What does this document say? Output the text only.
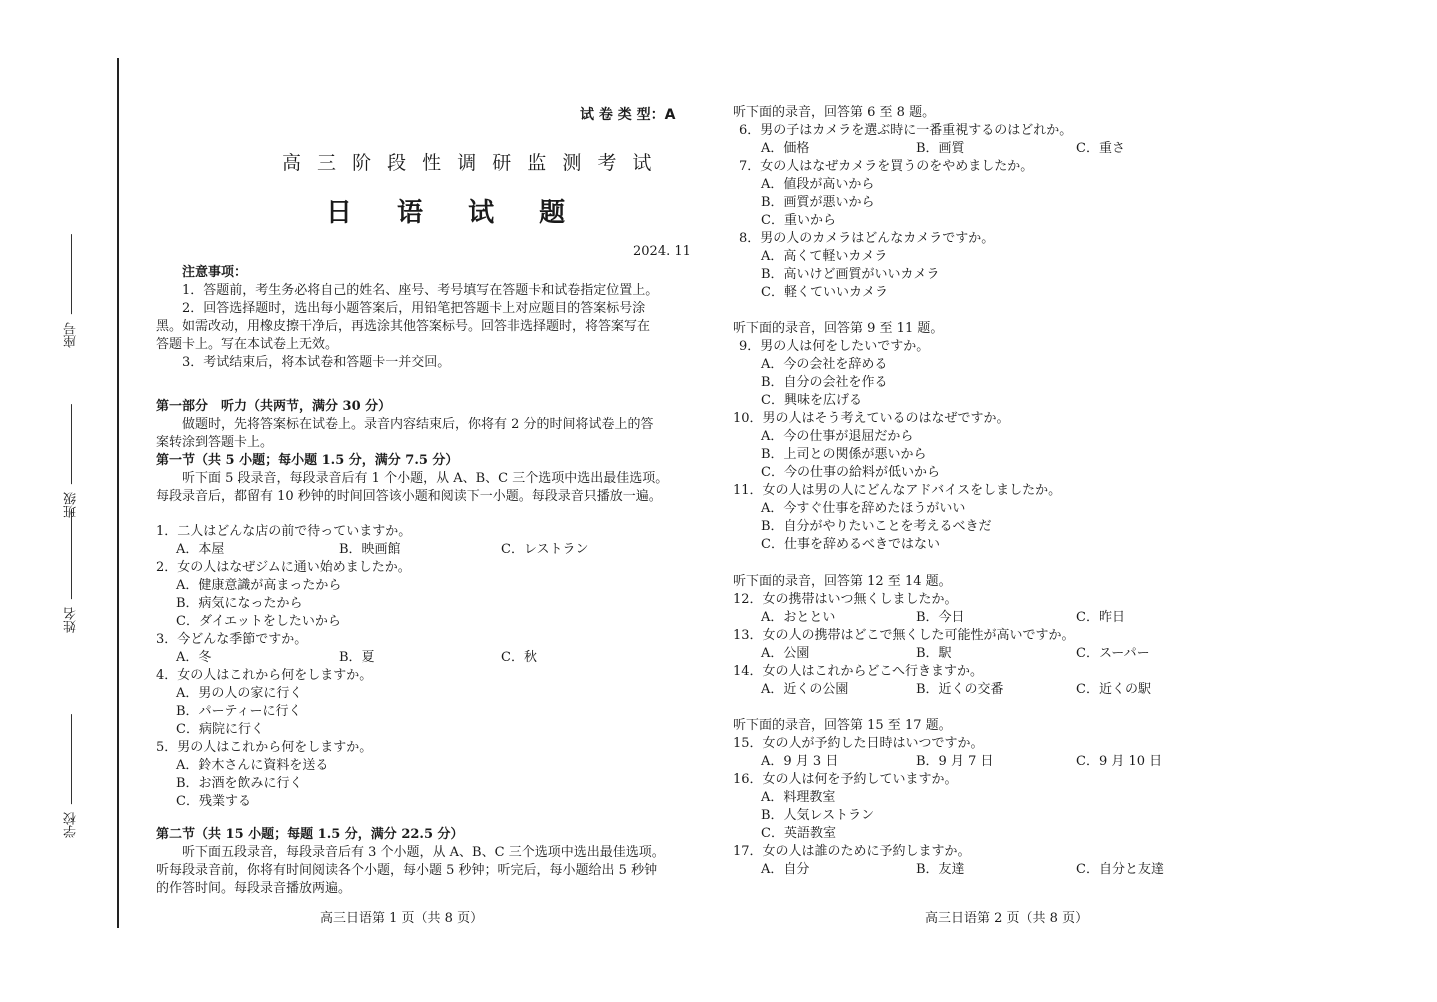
学校
姓名
班级
座号
试 卷 类 型：A
高 三 阶 段 性 调 研 监 测 考 试
日 语 试 题
2024. 11
注意事项：
1．答题前，考生务必将自己的姓名、座号、考号填写在答题卡和试卷指定位置上。
2．回答选择题时，选出每小题答案后，用铅笔把答题卡上对应题目的答案标号涂
黑。如需改动，用橡皮擦干净后，再选涂其他答案标号。回答非选择题时，将答案写在
答题卡上。写在本试卷上无效。
3．考试结束后，将本试卷和答题卡一并交回。
第一部分　听力（共两节，满分 30 分）
做题时，先将答案标在试卷上。录音内容结束后，你将有 2 分的时间将试卷上的答
案转涂到答题卡上。
第一节（共 5 小题；每小题 1.5 分，满分 7.5 分）
听下面 5 段录音，每段录音后有 1 个小题，从 A、B、C 三个选项中选出最佳选项。
每段录音后，都留有 10 秒钟的时间回答该小题和阅读下一小题。每段录音只播放一遍。
1．二人はどんな店の前で待っていますか。
A．本屋	B．映画館	C．レストラン
2．女の人はなぜジムに通い始めましたか。
A．健康意識が高まったから
B．病気になったから
C．ダイエットをしたいから
3．今どんな季節ですか。
A．冬	B．夏	C．秋
4．女の人はこれから何をしますか。
A．男の人の家に行く
B．パーティーに行く
C．病院に行く
5．男の人はこれから何をしますか。
A．鈴木さんに資料を送る
B．お酒を飲みに行く
C．残業する
第二节（共 15 小题；每题 1.5 分，满分 22.5 分）
听下面五段录音，每段录音后有 3 个小题，从 A、B、C 三个选项中选出最佳选项。
听每段录音前，你将有时间阅读各个小题，每小题 5 秒钟；听完后，每小题给出 5 秒钟
的作答时间。每段录音播放两遍。
高三日语第 1 页（共 8 页）
听下面的录音，回答第 6 至 8 题。
6．男の子はカメラを選ぶ時に一番重視するのはどれか。
A．価格	B．画質	C．重さ
7．女の人はなぜカメラを買うのをやめましたか。
A．値段が高いから
B．画質が悪いから
C．重いから
8．男の人のカメラはどんなカメラですか。
A．高くて軽いカメラ
B．高いけど画質がいいカメラ
C．軽くていいカメラ
听下面的录音，回答第 9 至 11 题。
9．男の人は何をしたいですか。
A．今の会社を辞める
B．自分の会社を作る
C．興味を広げる
10．男の人はそう考えているのはなぜですか。
A．今の仕事が退屈だから
B．上司との関係が悪いから
C．今の仕事の給料が低いから
11．女の人は男の人にどんなアドバイスをしましたか。
A．今すぐ仕事を辞めたほうがいい
B．自分がやりたいことを考えるべきだ
C．仕事を辞めるべきではない
听下面的录音，回答第 12 至 14 题。
12．女の携帯はいつ無くしましたか。
A．おととい	B．今日	C．昨日
13．女の人の携帯はどこで無くした可能性が高いですか。
A．公園	B．駅	C．スーパー
14．女の人はこれからどこへ行きますか。
A．近くの公園	B．近くの交番	C．近くの駅
听下面的录音，回答第 15 至 17 题。
15．女の人が予約した日時はいつですか。
A．9 月 3 日	B．9 月 7 日	C．9 月 10 日
16．女の人は何を予約していますか。
A．料理教室
B．人気レストラン
C．英語教室
17．女の人は誰のために予約しますか。
A．自分	B．友達	C．自分と友達
高三日语第 2 页（共 8 页）
